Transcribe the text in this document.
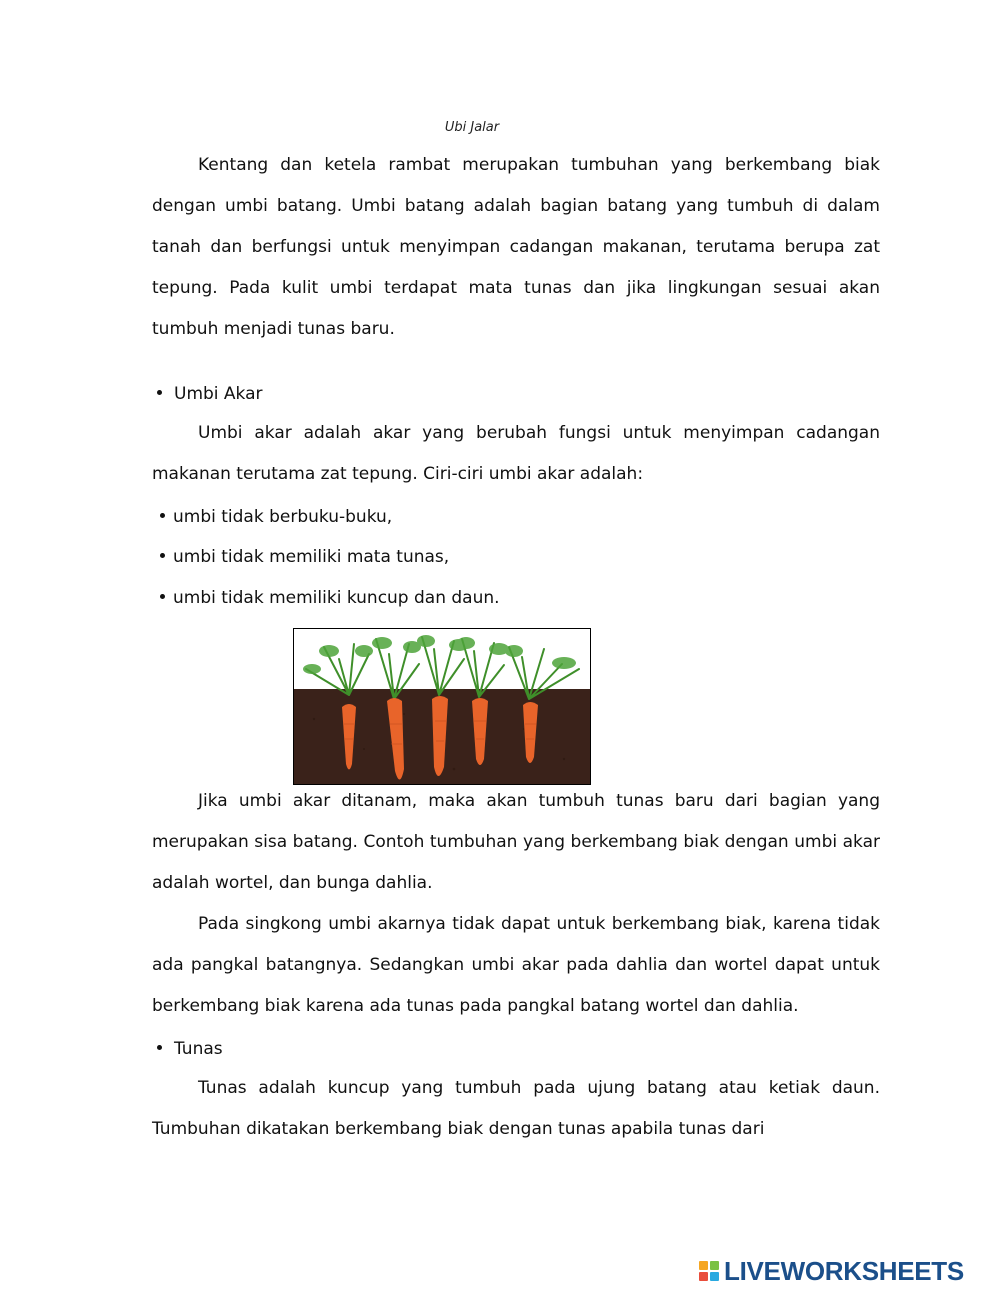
Ubi Jalar

Kentang dan ketela rambat merupakan tumbuhan yang berkembang biak dengan umbi batang. Umbi batang adalah bagian batang yang tumbuh di dalam tanah dan berfungsi untuk menyimpan cadangan makanan, terutama berupa zat tepung. Pada kulit umbi terdapat mata tunas dan jika lingkungan sesuai akan tumbuh menjadi tunas baru.

Umbi Akar

Umbi akar adalah akar yang berubah fungsi untuk menyimpan cadangan makanan terutama zat tepung. Ciri-ciri umbi akar adalah:

umbi tidak berbuku-buku,
umbi tidak memiliki mata tunas,
umbi tidak memiliki kuncup dan daun.

Jika umbi akar ditanam, maka akan tumbuh tunas baru dari bagian yang merupakan sisa batang. Contoh tumbuhan yang berkembang biak dengan umbi akar adalah wortel, dan bunga dahlia.

Pada singkong umbi akarnya tidak dapat untuk berkembang biak, karena tidak ada pangkal batangnya. Sedangkan umbi akar pada dahlia dan wortel dapat untuk berkembang biak karena ada tunas pada pangkal batang wortel dan dahlia.

Tunas

Tunas adalah kuncup yang tumbuh pada ujung batang atau ketiak daun. Tumbuhan dikatakan berkembang biak dengan tunas apabila tunas dari

LIVEWORKSHEETS
